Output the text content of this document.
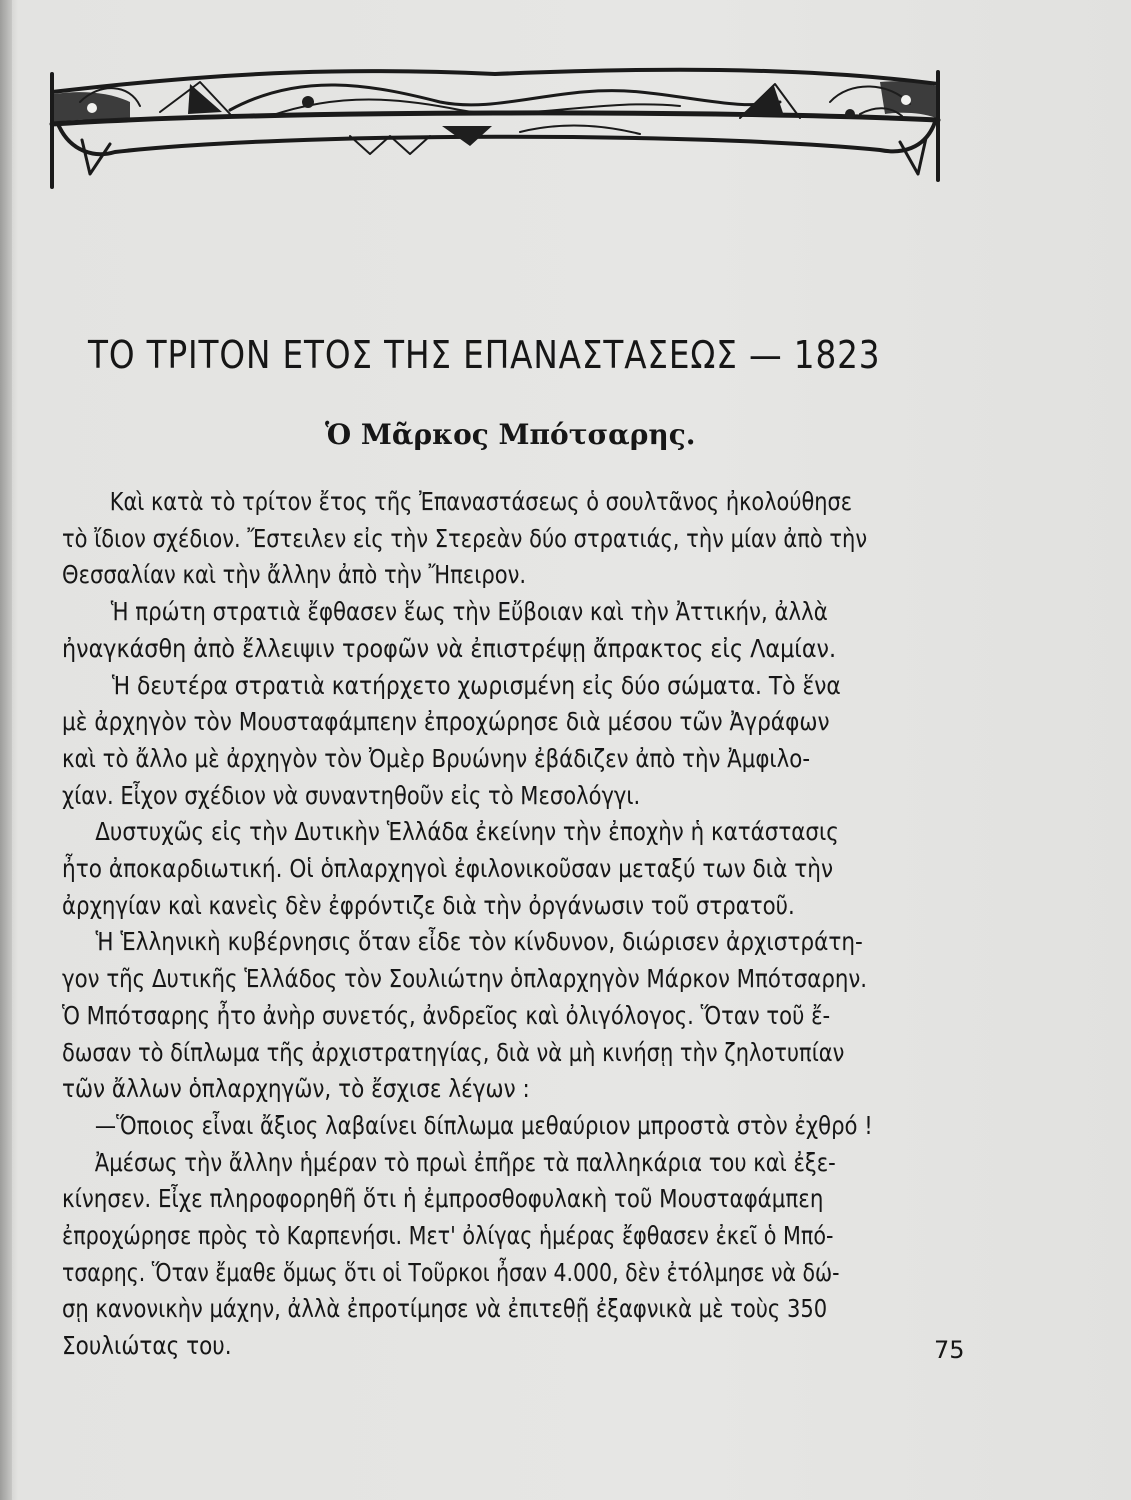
ΤΟ ΤΡΙΤΟΝ ΕΤΟΣ ΤΗΣ ΕΠΑΝΑΣΤΑΣΕΩΣ — 1823
Ὁ Μᾶρκος Μπότσαρης.
Καὶ κατὰ τὸ τρίτον ἔτος τῆς Ἐπαναστάσεως ὁ σουλτᾶνος ἠκολούθησε
τὸ ἴδιον σχέδιον. Ἔστειλεν εἰς τὴν Στερεὰν δύο στρατιάς, τὴν μίαν ἀπὸ τὴν
Θεσσαλίαν καὶ τὴν ἄλλην ἀπὸ τὴν Ἤπειρον.
Ἡ πρώτη στρατιὰ ἔφθασεν ἕως τὴν Εὔβοιαν καὶ τὴν Ἀττικήν, ἀλλὰ
ἠναγκάσθη ἀπὸ ἔλλειψιν τροφῶν νὰ ἐπιστρέψῃ ἄπρακτος εἰς Λαμίαν.
Ἡ δευτέρα στρατιὰ κατήρχετο χωρισμένη εἰς δύο σώματα. Τὸ ἕνα
μὲ ἀρχηγὸν τὸν Μουσταφάμπεην ἐπροχώρησε διὰ μέσου τῶν Ἀγράφων
καὶ τὸ ἄλλο μὲ ἀρχηγὸν τὸν Ὀμὲρ Βρυώνην ἐβάδιζεν ἀπὸ τὴν Ἀμφιλο-
χίαν. Εἶχον σχέδιον νὰ συναντηθοῦν εἰς τὸ Μεσολόγγι.
Δυστυχῶς εἰς τὴν Δυτικὴν Ἑλλάδα ἐκείνην τὴν ἐποχὴν ἡ κατάστασις
ἦτο ἀποκαρδιωτική. Οἱ ὁπλαρχηγοὶ ἐφιλονικοῦσαν μεταξύ των διὰ τὴν
ἀρχηγίαν καὶ κανεὶς δὲν ἐφρόντιζε διὰ τὴν ὀργάνωσιν τοῦ στρατοῦ.
Ἡ Ἑλληνικὴ κυβέρνησις ὅταν εἶδε τὸν κίνδυνον, διώρισεν ἀρχιστράτη-
γον τῆς Δυτικῆς Ἑλλάδος τὸν Σουλιώτην ὁπλαρχηγὸν Μάρκον Μπότσαρην.
Ὁ Μπότσαρης ἦτο ἀνὴρ συνετός, ἀνδρεῖος καὶ ὀλιγόλογος. Ὅταν τοῦ ἔ-
δωσαν τὸ δίπλωμα τῆς ἀρχιστρατηγίας, διὰ νὰ μὴ κινήσῃ τὴν ζηλοτυπίαν
τῶν ἄλλων ὁπλαρχηγῶν, τὸ ἔσχισε λέγων :
—Ὅποιος εἶναι ἄξιος λαβαίνει δίπλωμα μεθαύριον μπροστὰ στὸν ἐχθρό !
Ἀμέσως τὴν ἄλλην ἡμέραν τὸ πρωὶ ἐπῆρε τὰ παλληκάρια του καὶ ἐξε-
κίνησεν. Εἶχε πληροφορηθῆ ὅτι ἡ ἐμπροσθοφυλακὴ τοῦ Μουσταφάμπεη
ἐπροχώρησε πρὸς τὸ Καρπενήσι. Μετ' ὀλίγας ἡμέρας ἔφθασεν ἐκεῖ ὁ Μπό-
τσαρης. Ὅταν ἔμαθε ὅμως ὅτι οἱ Τοῦρκοι ἦσαν 4.000, δὲν ἐτόλμησε νὰ δώ-
σῃ κανονικὴν μάχην, ἀλλὰ ἐπροτίμησε νὰ ἐπιτεθῇ ἐξαφνικὰ μὲ τοὺς 350
Σουλιώτας του.	75
